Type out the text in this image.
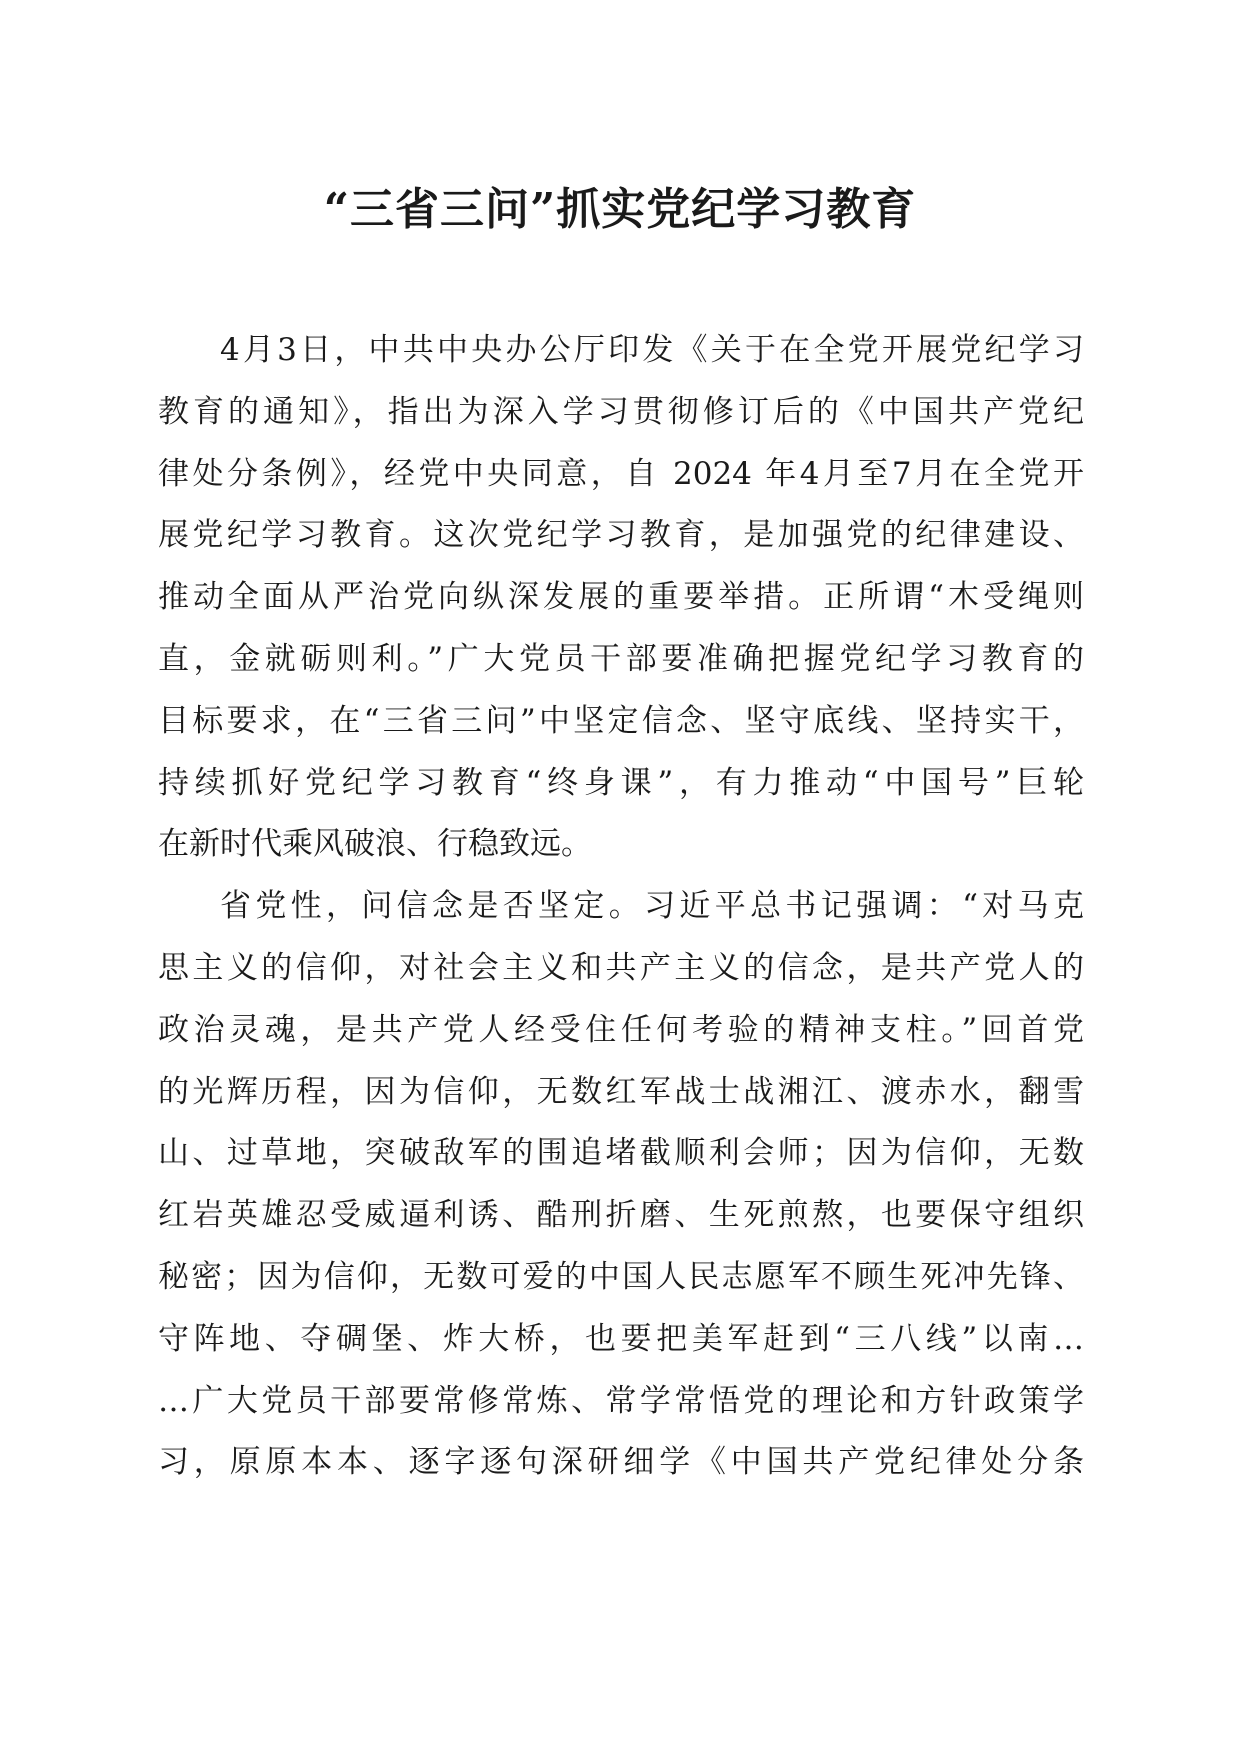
“三省三问”抓实党纪学习教育
4月3日，中共中央办公厅印发《关于在全党开展党纪学习
教育的通知》，指出为深入学习贯彻修订后的《中国共产党纪
律处分条例》，经党中央同意，自 2024 年4月至7月在全党开
展党纪学习教育。这次党纪学习教育，是加强党的纪律建设、
推动全面从严治党向纵深发展的重要举措。正所谓“木受绳则
直，金就砺则利。”广大党员干部要准确把握党纪学习教育的
目标要求，在“三省三问”中坚定信念、坚守底线、坚持实干，
持续抓好党纪学习教育“终身课”，有力推动“中国号”巨轮
在新时代乘风破浪、行稳致远。
省党性，问信念是否坚定。习近平总书记强调：“对马克
思主义的信仰，对社会主义和共产主义的信念，是共产党人的
政治灵魂，是共产党人经受住任何考验的精神支柱。”回首党
的光辉历程，因为信仰，无数红军战士战湘江、渡赤水，翻雪
山、过草地，突破敌军的围追堵截顺利会师；因为信仰，无数
红岩英雄忍受威逼利诱、酷刑折磨、生死煎熬，也要保守组织
秘密；因为信仰，无数可爱的中国人民志愿军不顾生死冲先锋、
守阵地、夺碉堡、炸大桥，也要把美军赶到“三八线”以南…
…广大党员干部要常修常炼、常学常悟党的理论和方针政策学
习，原原本本、逐字逐句深研细学《中国共产党纪律处分条
